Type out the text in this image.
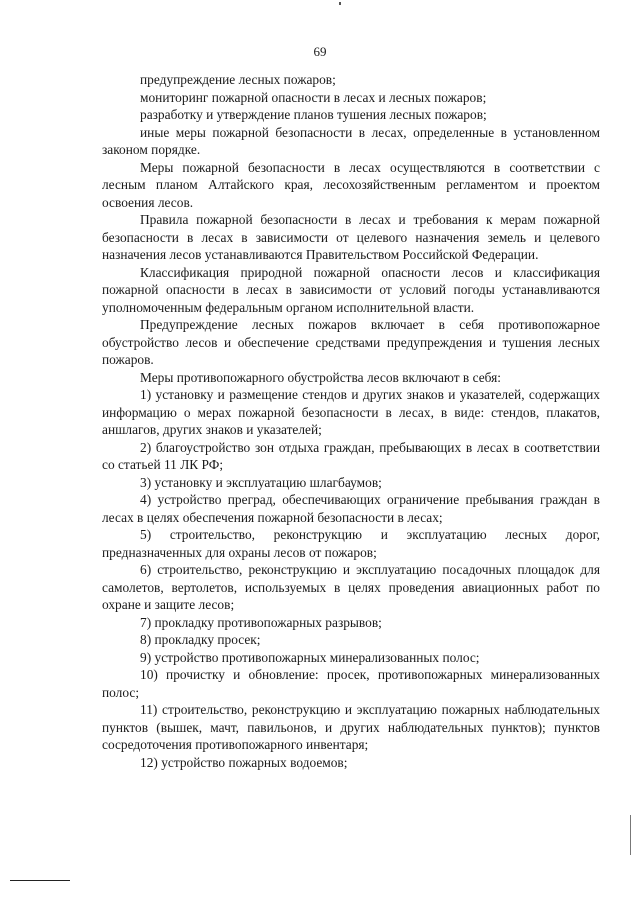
69

предупреждение лесных пожаров;

мониторинг пожарной опасности в лесах и лесных пожаров;

разработку и утверждение планов тушения лесных пожаров;

иные меры пожарной безопасности в лесах, определенные в установленном законом порядке.

Меры пожарной безопасности в лесах осуществляются в соответствии с лесным планом Алтайского края, лесохозяйственным регламентом и проектом освоения лесов.

Правила пожарной безопасности в лесах и требования к мерам пожарной безопасности в лесах в зависимости от целевого назначения земель и целевого назначения лесов устанавливаются Правительством Российской Федерации.

Классификация природной пожарной опасности лесов и классификация пожарной опасности в лесах в зависимости от условий погоды устанавливаются уполномоченным федеральным органом исполнительной власти.

Предупреждение лесных пожаров включает в себя противопожарное обустройство лесов и обеспечение средствами предупреждения и тушения лесных пожаров.

Меры противопожарного обустройства лесов включают в себя:

1) установку и размещение стендов и других знаков и указателей, содержащих информацию о мерах пожарной безопасности в лесах, в виде: стендов, плакатов, аншлагов, других знаков и указателей;

2) благоустройство зон отдыха граждан, пребывающих в лесах в соответствии со статьей 11 ЛК РФ;

3) установку и эксплуатацию шлагбаумов;

4) устройство преград, обеспечивающих ограничение пребывания граждан в лесах в целях обеспечения пожарной безопасности в лесах;

5) строительство, реконструкцию и эксплуатацию лесных дорог, предназначенных для охраны лесов от пожаров;

6) строительство, реконструкцию и эксплуатацию посадочных площадок для самолетов, вертолетов, используемых в целях проведения авиационных работ по охране и защите лесов;

7) прокладку противопожарных разрывов;

8) прокладку просек;

9) устройство противопожарных минерализованных полос;

10) прочистку и обновление: просек, противопожарных минерализованных полос;

11) строительство, реконструкцию и эксплуатацию пожарных наблюдательных пунктов (вышек, мачт, павильонов, и других наблюдательных пунктов); пунктов сосредоточения противопожарного инвентаря;

12) устройство пожарных водоемов;
